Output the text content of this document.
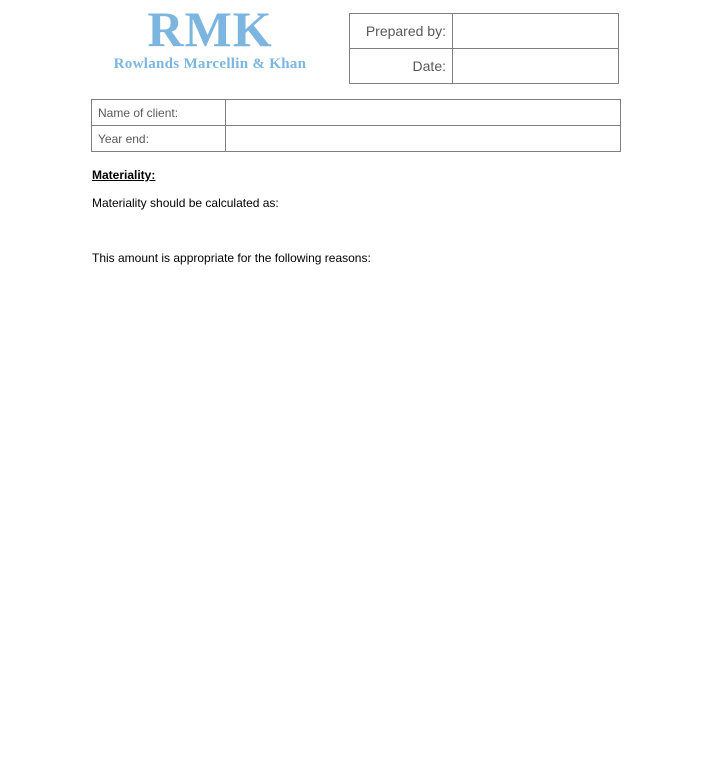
RMK
Rowlands Marcellin & Khan
Prepared by:	
Date:	
Name of client:	
Year end:	
Materiality:
Materiality should be calculated as:
This amount is appropriate for the following reasons:
